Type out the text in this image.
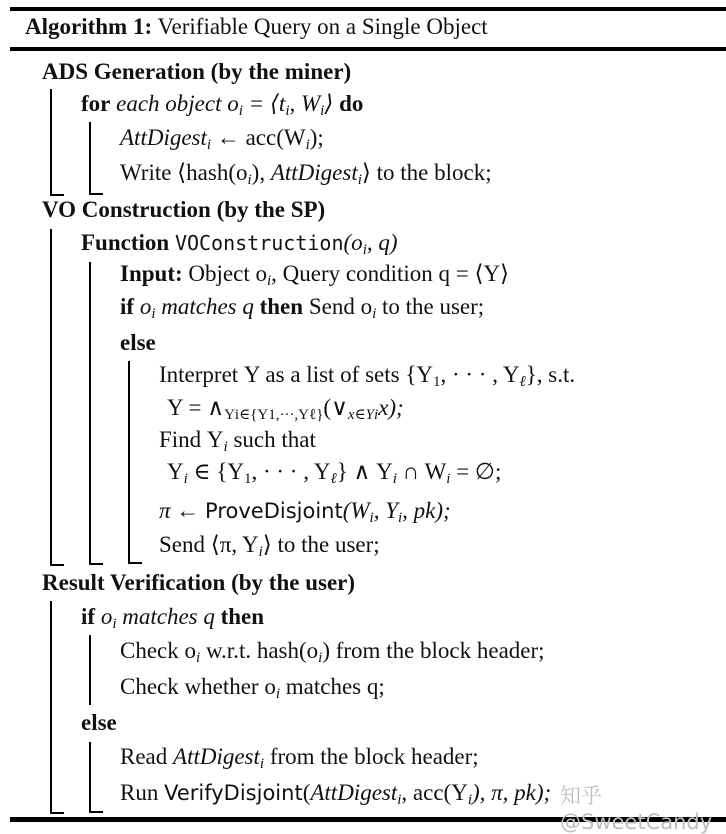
Algorithm 1: Verifiable Query on a Single Object
ADS Generation (by the miner)
for each object $o_i$ = $⟨t_i$, $W_i⟩$ do
AttDigest$_i$ ← $acc(W_i)$;
Write $⟨hash(o_i)$, AttDigest$_i$⟩ to the block;
VO Construction (by the SP)
Function $VOConstruction(o_i$, q)
Input: Object $o_i$, Query condition q = ⟨Υ⟩
if $o_i$ matches q then Send $o_i$ to the user;
else
Interpret Υ as a list of sets {$\Upsilon_1$, · · · , $\Upsilon_\ell$}, s.t.
$\Upsilon = \wedge_{\Upsilon i\in\{\Upsilon 1,\cdot\cdot\cdot,\Upsilon\ell\}}(\vee_{x\in\Upsilon i}x)$;
Find $\Upsilon_i$ such that
$\Upsilon_i$ ∈ {$\Upsilon_1$, · · · , $\Upsilon_\ell$} ∧ $\Upsilon_i$ ∩ $W_i$ = ∅;
π ← $ProveDisjoint(W_i$, $\Upsilon_i$, pk);
Send ⟨π, $\Upsilon_i⟩$ to the user;
Result Verification (by the user)
if $o_i$ matches q then
Check $o_i$ w.r.t. $hash(o_i)$ from the block header;
Check whether $o_i$ matches q;
else
Read AttDigest$_i$ from the block header;
Run VerifyDisjoint(AttDigest$_i$, $acc(\Upsilon_i)$, π, pk); 知乎 @SweetCandy
